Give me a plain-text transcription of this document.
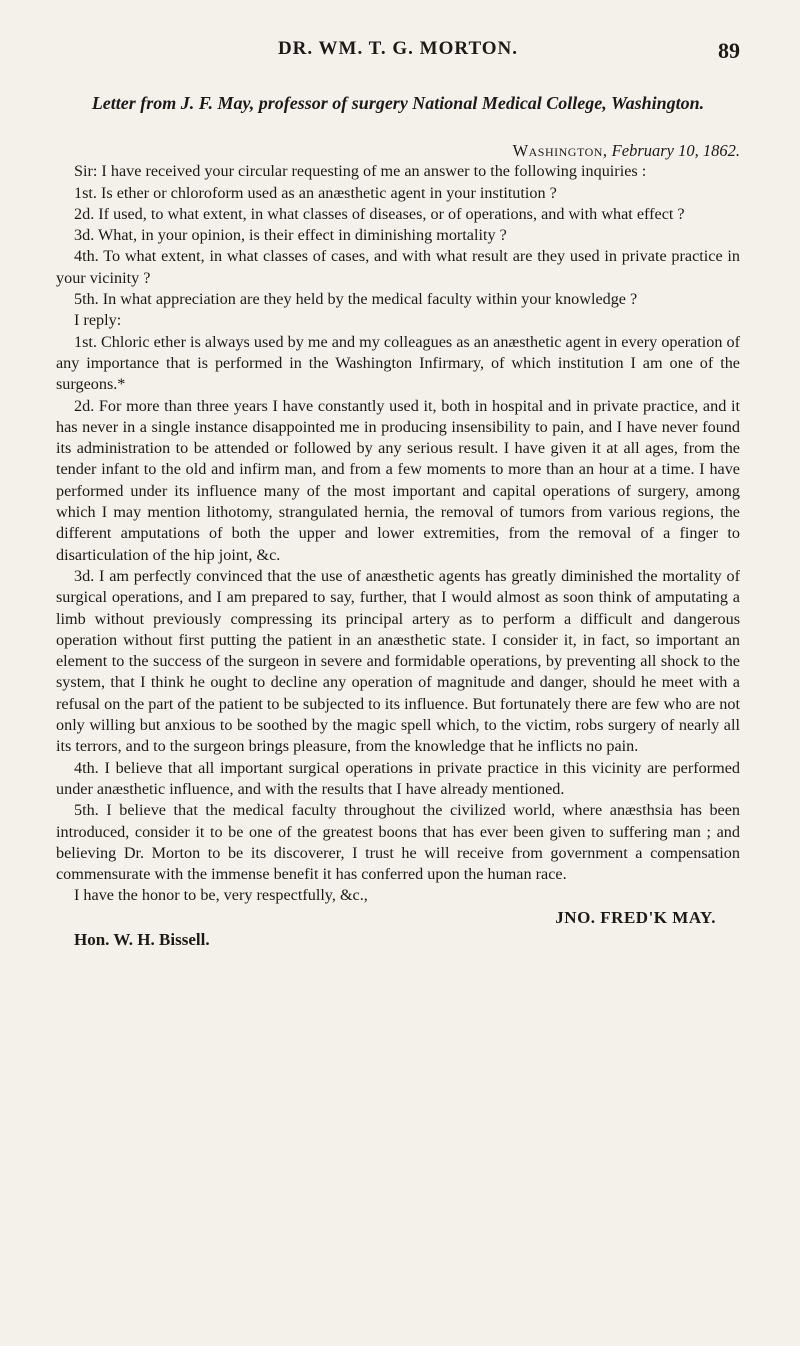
DR. WM. T. G. MORTON.	89
Letter from J. F. May, professor of surgery National Medical College, Washington.

Washington, February 10, 1862.

Sir: I have received your circular requesting of me an answer to the following inquiries :

1st. Is ether or chloroform used as an anæsthetic agent in your institution ?

2d. If used, to what extent, in what classes of diseases, or of operations, and with what effect ?

3d. What, in your opinion, is their effect in diminishing mortality ?

4th. To what extent, in what classes of cases, and with what result are they used in private practice in your vicinity ?

5th. In what appreciation are they held by the medical faculty within your knowledge ?

I reply:

1st. Chloric ether is always used by me and my colleagues as an anæsthetic agent in every operation of any importance that is performed in the Washington Infirmary, of which institution I am one of the surgeons.*

2d. For more than three years I have constantly used it, both in hospital and in private practice, and it has never in a single instance disappointed me in producing insensibility to pain, and I have never found its administration to be attended or followed by any serious result. I have given it at all ages, from the tender infant to the old and infirm man, and from a few moments to more than an hour at a time. I have performed under its influence many of the most important and capital operations of surgery, among which I may mention lithotomy, strangulated hernia, the removal of tumors from various regions, the different amputations of both the upper and lower extremities, from the removal of a finger to disarticulation of the hip joint, &c.

3d. I am perfectly convinced that the use of anæsthetic agents has greatly diminished the mortality of surgical operations, and I am prepared to say, further, that I would almost as soon think of amputating a limb without previously compressing its principal artery as to perform a difficult and dangerous operation without first putting the patient in an anæsthetic state. I consider it, in fact, so important an element to the success of the surgeon in severe and formidable operations, by preventing all shock to the system, that I think he ought to decline any operation of magnitude and danger, should he meet with a refusal on the part of the patient to be subjected to its influence. But fortunately there are few who are not only willing but anxious to be soothed by the magic spell which, to the victim, robs surgery of nearly all its terrors, and to the surgeon brings pleasure, from the knowledge that he inflicts no pain.

4th. I believe that all important surgical operations in private practice in this vicinity are performed under anæsthetic influence, and with the results that I have already mentioned.

5th. I believe that the medical faculty throughout the civilized world, where anæsthsia has been introduced, consider it to be one of the greatest boons that has ever been given to suffering man ; and believing Dr. Morton to be its discoverer, I trust he will receive from government a compensation commensurate with the immense benefit it has conferred upon the human race.

I have the honor to be, very respectfully, &c.,

JNO. FRED'K MAY.
Hon. W. H. Bissell.
